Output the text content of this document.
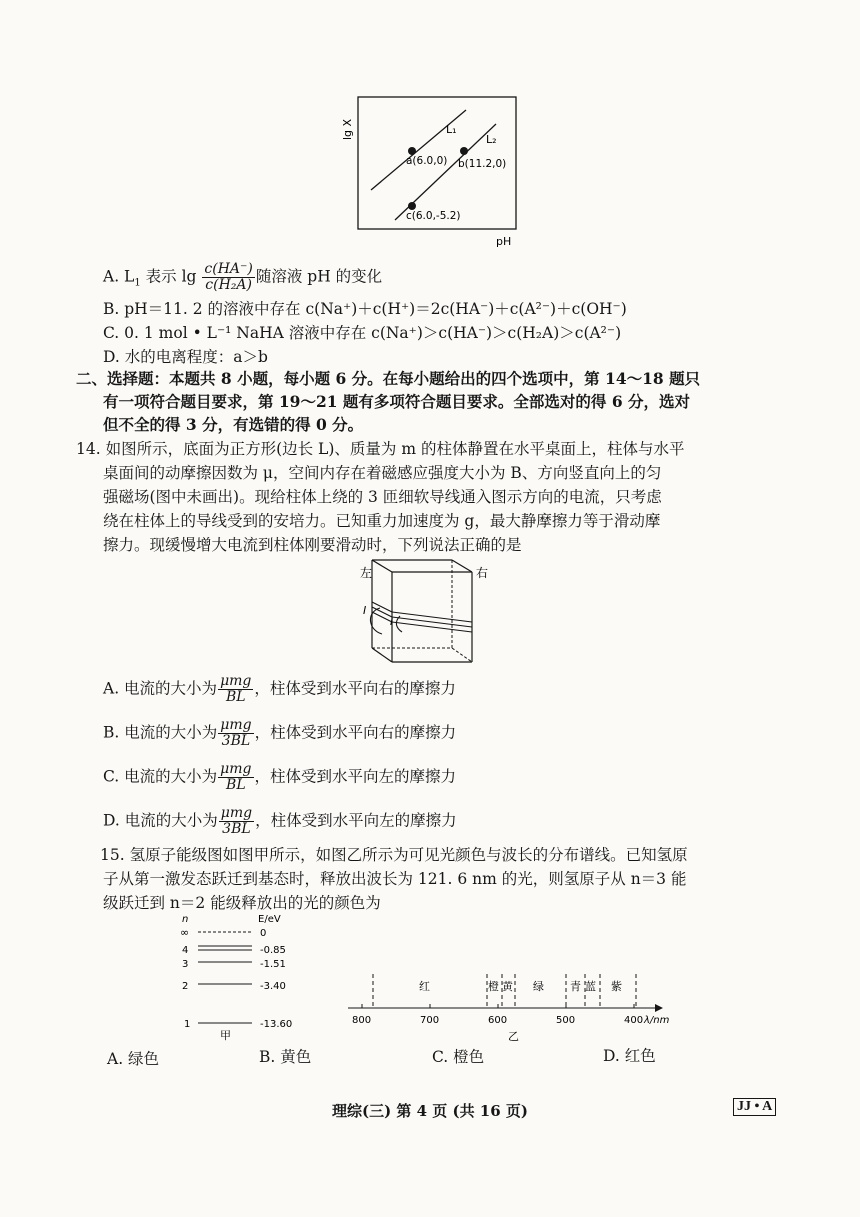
lg X
pH
L₁
L₂
a(6.0,0) b(11.2,0)
c(6.0,-5.2)
A. $L_1$ 表示 $\lg \frac{c(HA^-)}{\text{c(H₂A)}}$ 随溶液 pH 的变化
B. pH＝11. 2 的溶液中存在 c(Na⁺)＋c(H⁺)＝2c(HA⁻)＋c(A²⁻)＋c(OH⁻)
C. 0. 1 mol • L⁻¹ NaHA 溶液中存在 c(Na⁺)＞c(HA⁻)＞c(H₂A)＞c(A²⁻)
D. 水的电离程度：a＞b
二、选择题：本题共 8 小题，每小题 6 分。在每小题给出的四个选项中，第 14～18 题只
有一项符合题目要求，第 19～21 题有多项符合题目要求。全部选对的得 6 分，选对
但不全的得 3 分，有选错的得 0 分。
14. 如图所示，底面为正方形(边长 L)、质量为 m 的柱体静置在水平桌面上，柱体与水平
桌面间的动摩擦因数为 μ，空间内存在着磁感应强度大小为 B、方向竖直向上的匀
强磁场(图中未画出)。现给柱体上绕的 3 匝细软导线通入图示方向的电流，只考虑
绕在柱体上的导线受到的安培力。已知重力加速度为 g，最大静摩擦力等于滑动摩
擦力。现缓慢增大电流到柱体刚要滑动时，下列说法正确的是
左	右
I
I
A. 电流的大小为 $\frac{\text{μmg}}{BL}$ ，柱体受到水平向右的摩擦力
B. 电流的大小为 $\frac{\text{μmg}}{3BL}$ ，柱体受到水平向右的摩擦力
C. 电流的大小为 $\frac{\text{μmg}}{BL}$ ，柱体受到水平向左的摩擦力
D. 电流的大小为 $\frac{\text{μmg}}{3BL}$ ，柱体受到水平向左的摩擦力
15. 氢原子能级图如图甲所示，如图乙所示为可见光颜色与波长的分布谱线。已知氢原
子从第一激发态跃迁到基态时，释放出波长为 121. 6 nm 的光，则氢原子从 n＝3 能
级跃迁到 n＝2 能级释放出的光的颜色为
n	E/eV
∞	0
4	-0.85
3	-1.51
2	-3.40
1	-13.60
甲
红	橙 黄 绿 青 蓝 紫
800	700	600	500	400 λ/nm
乙
A. 绿色	B. 黄色	C. 橙色	D. 红色
理综(三) 第 4 页 (共 16 页)	JJ • A
